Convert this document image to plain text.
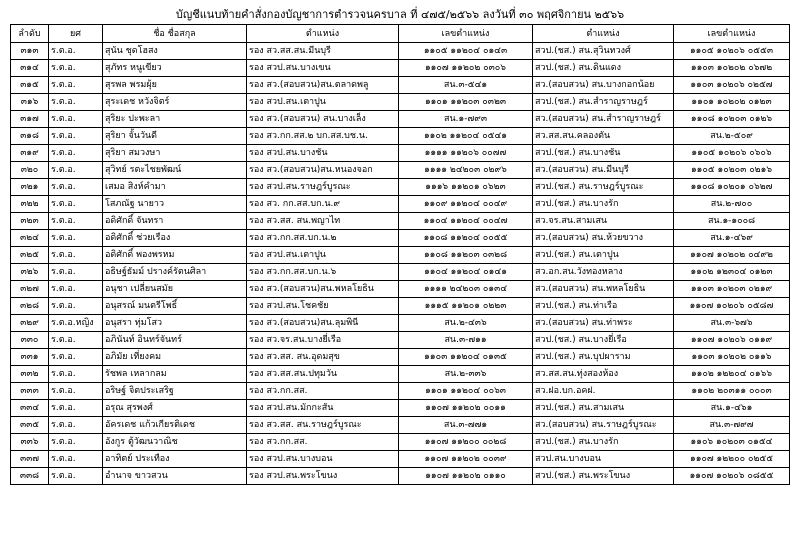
บัญชีแนบท้ายคำสั่งกองบัญชาการตำรวจนครบาล ที่ ๔๗๕/๒๕๖๖ ลงวันที่ ๓๐ พฤศจิกายน ๒๕๖๖
ลำดับ	ยศ	ชื่อ ชื่อสกุล	ตำแหน่ง	เลขตำแหน่ง	ตำแหน่ง	เลขตำแหน่ง
๓๑๓	ร.ต.อ.	สุนัน ชุดโฮสง	รอง สว.สส.สน.มีนบุรี	๑๑๐๕ ๑๑๒๐๔ ๐๑๔๓	สวป.(ชส.) สน.สุวินทวงศ์	๑๑๐๕ ๑๐๒๐๖ ๐๕๕๓
๓๑๔	ร.ต.อ.	สุภัทร หนูเขียว	รอง สวป.สน.บางเขน	๑๑๐๗ ๑๑๒๐๒ ๐๓๐๖	สวป.(ชส.) สน.ดินแดง	๑๑๐๓ ๑๐๒๐๒ ๐๖๗๒
๓๑๕	ร.ต.อ.	สุรพล พรมผุ้ย	รอง สว.(สอบสวน)สน.ตลาดพลู	สน.๓-๕๔๑	สว.(สอบสวน) สน.บางกอกน้อย	๑๑๐๓ ๑๐๒๐๖ ๐๒๕๗
๓๑๖	ร.ต.อ.	สุระเดช หวังจิตร์	รอง สวป.สน.เตาปูน	๑๑๐๑ ๑๑๒๐๓ ๐๓๒๓	สวป.(ชส.) สน.สำราญราษฎร์	๑๑๐๑ ๑๐๒๐๒ ๐๑๒๓
๓๑๗	ร.ต.อ.	สุริยะ ปะพะลา	รอง สว.(สอบสวน) สน.บางเล็ง	สน.๑-๗๙๓	สว.(สอบสวน) สน.สำราญราษฎร์	๑๑๐๘ ๑๐๒๐๓ ๐๑๒๖
๓๑๘	ร.ต.อ.	สุริยา จั้นวันดี	รอง สว.กก.สส.๒ บก.สส.บช.น.	๑๑๐๒ ๑๑๒๐๔ ๐๕๔๑	สว.สส.สน.คลองตัน	สน.๒-๕๐๙
๓๑๙	ร.ต.อ.	สุริยา สมวงษา	รอง สวป.สน.บางชัน	๑๑๑๑ ๑๑๒๐๖ ๐๐๗๗	สวป.(ชส.) สน.บางชัน	๑๑๐๕ ๑๐๒๐๖ ๐๖๐๖
๓๒๐	ร.ต.อ.	สุวิทย์ รตะไชยพัฒน์	รอง สว.(สอบสวน)สน.หนองจอก	๑๑๑๑ ๒๔๒๐๓ ๐๒๙๖	สว.(สอบสวน) สน.มีนบุรี	๑๑๐๕ ๑๐๒๐๓ ๐๒๑๖
๓๒๑	ร.ต.อ.	เสมอ สิงห์คำมา	รอง สวป.สน.ราษฎร์บูรณะ	๑๑๑๖ ๑๑๒๐๑ ๐๖๒๓	สวป.(ชส.) สน.ราษฎร์บูรณะ	๑๑๐๘ ๑๐๒๐๑ ๐๖๒๗
๓๒๒	ร.ต.อ.	โสภณัฐ นายาว	รอง สว. กก.สส.บก.น.๙	๑๑๐๙ ๑๑๒๐๔ ๐๐๔๙	สวป.(ชส.) สน.บางรัก	สน.๒-๗๐๐
๓๒๓	ร.ต.อ.	อดิศักดิ์ จันทรา	รอง สว.สส. สน.พญาไท	๑๑๐๔ ๑๑๒๐๔ ๐๐๔๗	สว.จร.สน.สามเสน	สน.๑-๑๐๐๘
๓๒๔	ร.ต.อ.	อดิศักดิ์ ช่วยเรือง	รอง สว.กก.สส.บก.น.๒	๑๑๐๘ ๑๑๒๐๔ ๐๐๕๕	สว.(สอบสวน) สน.ห้วยขวาง	สน.๑-๔๖๙
๓๒๕	ร.ต.อ.	อดิศักดิ์ พองพรหม	รอง สวป.สน.เตาปูน	๑๑๐๘ ๑๑๒๐๓ ๐๓๒๘	สวป.(ชส.) สน.เตาปูน	๑๑๐๗ ๑๐๒๐๒ ๐๔๙๒
๓๒๖	ร.ต.อ.	อธิษฐ์ธัมม์ ปรางค์รัตนศิลา	รอง สว.กก.สส.บก.น.๖	๑๑๐๔ ๑๑๒๐๔ ๐๑๔๑	สว.อก.สน.วังทองหลาง	๑๑๐๒ ๑๒๓๐๔ ๐๑๒๓
๓๒๗	ร.ต.อ.	อนุชา เปลี่ยนสมัย	รอง สว.(สอบสวน)สน.พหลโยธิน	๑๑๑๑ ๒๔๒๐๓ ๐๑๓๔	สว.(สอบสวน) สน.พหลโยธิน	๑๑๐๓ ๑๐๒๐๓ ๐๒๑๙
๓๒๘	ร.ต.อ.	อนุสรณ์ มนตรีโพธิ์	รอง สวป.สน.โชคชัย	๑๑๑๕ ๑๑๒๐๑ ๐๒๒๓	สวป.(ชส.) สน.ท่าเรือ	๑๑๐๗ ๑๐๒๐๖ ๐๕๘๗
๓๒๙	ร.ต.อ.หญิง	อนุสรา ทุ่มโสว	รอง สว.(สอบสวน)สน.ลุมพินี	สน.๒-๔๓๖	สว.(สอบสวน) สน.ท่าพระ	สน.๓-๖๗๖
๓๓๐	ร.ต.อ.	อภินันท์ อินทร์จันทร์	รอง สว.จร.สน.บางยี่เรือ	สน.๓-๗๑๑	สวป.(ชส.) สน.บางยี่เรือ	๑๑๐๗ ๑๐๒๐๖ ๐๑๑๙
๓๓๑	ร.ต.อ.	อภิมัย เที่ยงคม	รอง สว.สส. สน.อุดมสุข	๑๑๐๓ ๑๑๒๐๔ ๐๑๓๕	สวป.(ชส.) สน.บุปผาราม	๑๑๐๓ ๑๐๒๐๒ ๐๑๑๖
๓๓๒	ร.ต.อ.	รัชพล เหลากลม	รอง สว.สส.สน.ปทุมวัน	สน.๒-๓๓๖	สว.สส.สน.ทุ่งสองห้อง	๑๑๐๒ ๑๒๒๐๔ ๐๑๖๖
๓๓๓	ร.ต.อ.	อริษฐ์ จิตประเสริฐ	รอง สว.กก.สส.	๑๑๐๑ ๑๑๒๐๔ ๐๐๖๓	สว.ฝอ.บก.อคฝ.	๑๑๐๒ ๒๐๓๑๑ ๐๐๐๓
๓๓๔	ร.ต.อ.	อรุณ สุรพงศ์	รอง สวป.สน.มักกะสัน	๑๑๐๗ ๑๑๒๐๒ ๐๐๑๑	สวป.(ชส.) สน.สามเสน	สน.๑-๔๖๑
๓๓๕	ร.ต.อ.	อัครเดช แก้วเกียรติเดช	รอง สว.สส. สน.ราษฎร์บูรณะ	สน.๓-๗๗๑	สว.(สอบสวน) สน.ราษฎร์บูรณะ	สน.๓-๗๙๗
๓๓๖	ร.ต.อ.	อังกูร ตู้วัฒนวาณิช	รอง สว.กก.สส.	๑๑๐๗ ๑๑๒๐๐ ๐๐๒๘	สวป.(ชส.) สน.บางรัก	๑๑๐๖ ๑๐๒๐๓ ๐๑๕๔
๓๓๗	ร.ต.อ.	อาทิตย์ ประเทือง	รอง สวป.สน.บางบอน	๑๑๐๗ ๑๑๒๐๒ ๐๐๓๙	สวป.สน.บางบอน	๑๑๐๗ ๑๒๒๐๐ ๐๒๕๕
๓๓๘	ร.ต.อ.	อำนาจ ขาวสวน	รอง สวป.สน.พระโขนง	๑๑๐๗ ๑๑๒๐๒ ๐๑๑๐	สวป.(ชส.) สน.พระโขนง	๑๑๐๗ ๑๐๒๐๖ ๐๘๕๕
